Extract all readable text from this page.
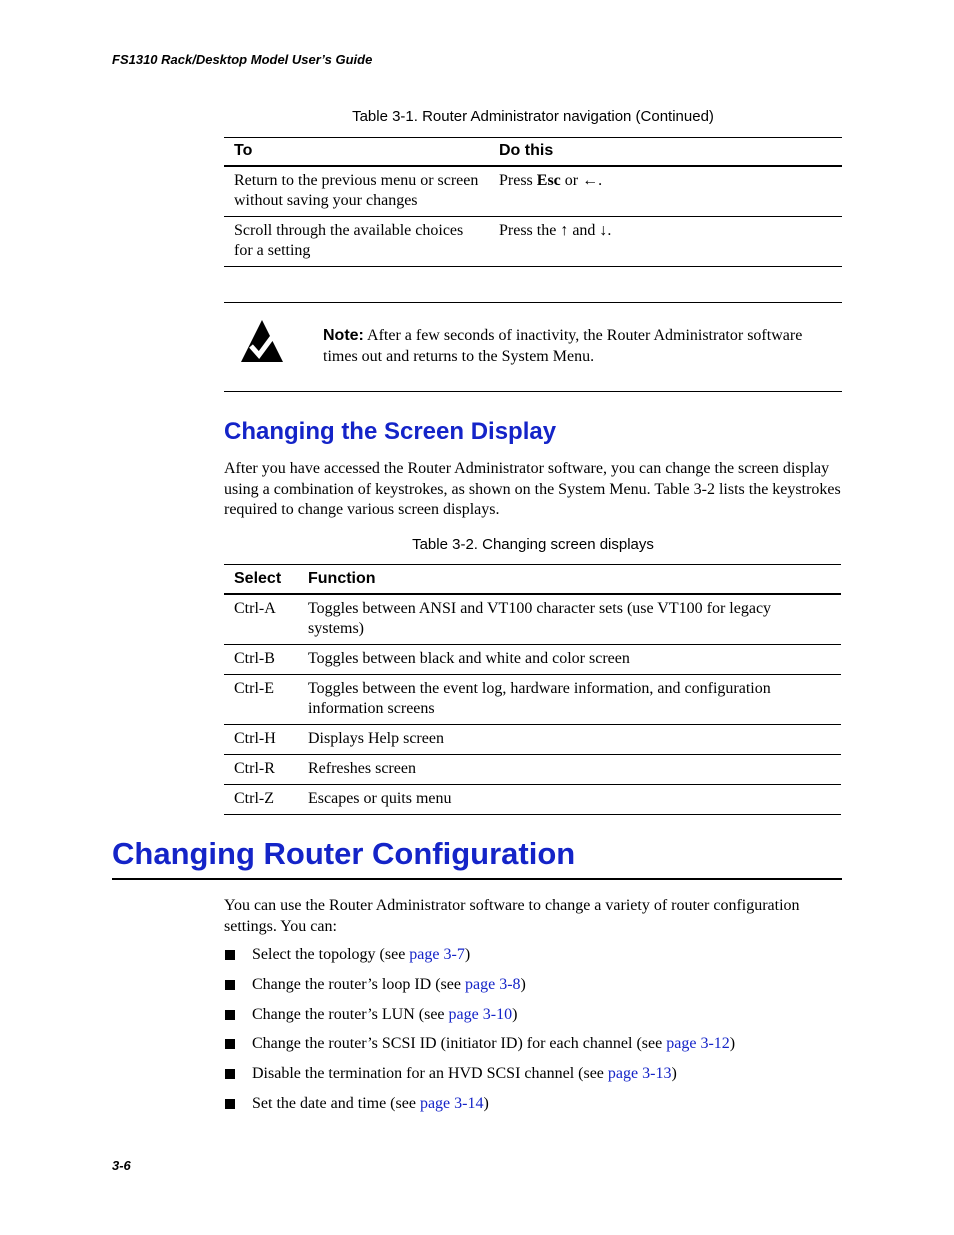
FS1310 Rack/Desktop Model User’s Guide
Table 3-1. Router Administrator navigation (Continued)
To	Do this
Return to the previous menu or screen without saving your changes	Press Esc or ←.
Scroll through the available choices for a setting	Press the ↑ and ↓.
Note: After a few seconds of inactivity, the Router Administrator software times out and returns to the System Menu.
Changing the Screen Display

After you have accessed the Router Administrator software, you can change the screen display using a combination of keystrokes, as shown on the System Menu. Table 3-2 lists the keystrokes required to change various screen displays.

Table 3-2. Changing screen displays
Select	Function
Ctrl-A	Toggles between ANSI and VT100 character sets (use VT100 for legacy systems)
Ctrl-B	Toggles between black and white and color screen
Ctrl-E	Toggles between the event log, hardware information, and configuration information screens
Ctrl-H	Displays Help screen
Ctrl-R	Refreshes screen
Ctrl-Z	Escapes or quits menu
Changing Router Configuration

You can use the Router Administrator software to change a variety of router configuration settings. You can:

Select the topology (see page 3-7)
Change the router’s loop ID (see page 3-8)
Change the router’s LUN (see page 3-10)
Change the router’s SCSI ID (initiator ID) for each channel (see page 3-12)
Disable the termination for an HVD SCSI channel (see page 3-13)
Set the date and time (see page 3-14)
3-6
